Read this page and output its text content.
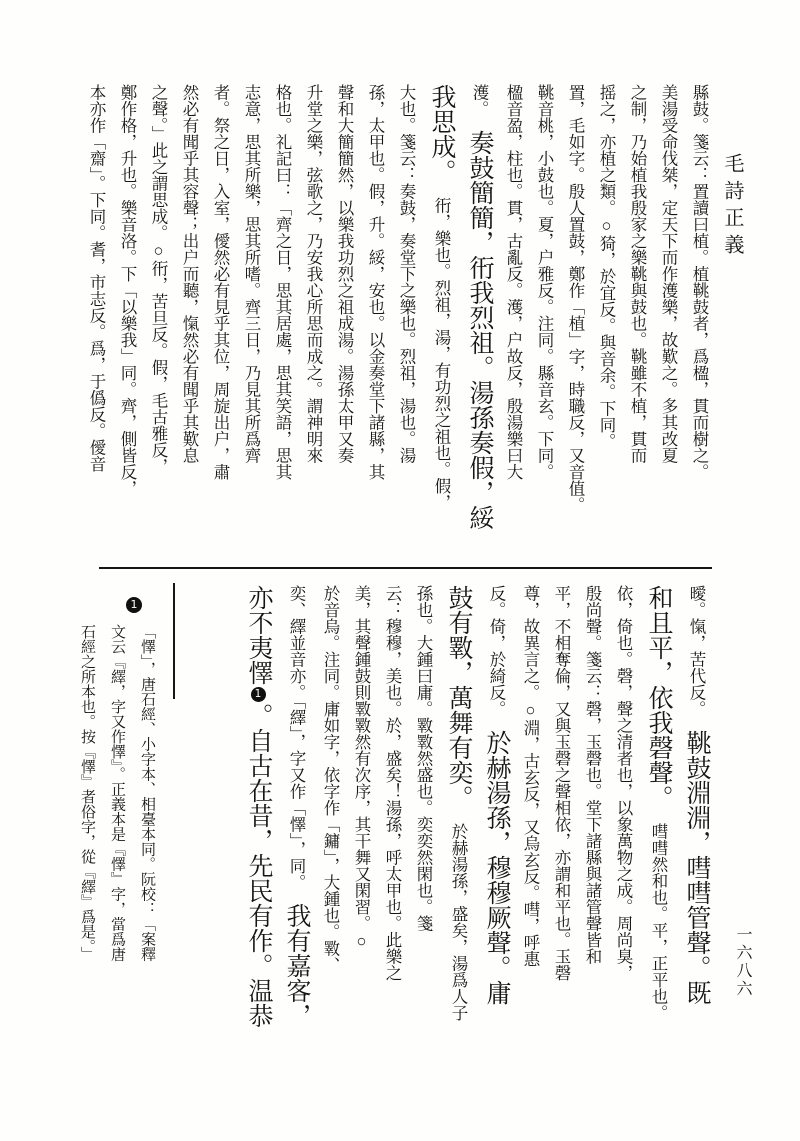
毛詩正義
一六八六

縣鼓。箋云：置讀曰植。植鞉鼓者，爲楹，貫而樹之。

美湯受命伐桀，定天下而作濩樂，故歎之。多其改夏

之制，乃始植我殷家之樂鞉與鼓也。鞉雖不植，貫而

摇之，亦植之類。○猗，於宜反。與音余。下同。

置，毛如字。殷人置鼓，鄭作「植」字，時職反，又音值。

鞉音桃，小鼓也。夏，户雅反。注同。縣音玄。下同。

楹音盈，柱也。貫，古亂反。濩，户故反，殷湯樂曰大

濩。奏鼓簡簡，衎我烈祖。湯孫奏假，綏

我思成。衎，樂也。烈祖，湯，有功烈之祖也。假，

大也。箋云：奏鼓，奏堂下之樂也。烈祖，湯也。湯

孫，太甲也。假，升。綏，安也。以金奏堂下諸縣，其

聲和大簡簡然，以樂我功烈之祖成湯。湯孫太甲又奏

升堂之樂，弦歌之，乃安我心所思而成之。謂神明來

格也。礼記曰：「齊之日，思其居處，思其笑語，思其

志意，思其所樂，思其所嗜。齊三日，乃見其所爲齊

者。祭之日，入室，僾然必有見乎其位，周旋出户，肅

然必有聞乎其容聲；出户而聽，愾然必有聞乎其歎息

之聲。」此之謂思成。○衎，苦旦反。假，毛古雅反，

鄭作格，升也。樂音洛。下「以樂我」同。齊，側皆反，

本亦作「齋」。下同。耆，市志反。爲，于僞反。僾音

曖。愾，苦代反。鞉鼓淵淵，嘒嘒管聲。既

和且平，依我磬聲。嘒嘒然和也。平，正平也。

依，倚也。磬，聲之清者也，以象萬物之成。周尚臭，

殷尚聲。箋云：磬，玉磬也。堂下諸縣與諸管聲皆和

平，不相奪倫，又與玉磬之聲相依，亦謂和平也。玉磬

尊，故異言之。○淵，古玄反，又烏玄反。嘒，呼惠

反。倚，於綺反。於赫湯孫，穆穆厥聲。庸

鼓有斁，萬舞有奕。於赫湯孫，盛矣，湯爲人子

孫也。大鍾曰庸。斁斁然盛也。奕奕然閑也。箋

云：穆穆，美也。於，盛矣！湯孫，呼太甲也。此樂之

美，其聲鍾鼓則斁斁然有次序，其干舞又閑習。○

於音烏。注同。庸如字，依字作「鏞」，大鍾也。斁、

奕、繹並音亦。「繹」，字又作「懌」，同。我有嘉客，

亦不夷懌1。自古在昔，先民有作。温恭

1

「懌」，唐石經、小字本、相臺本同。阮校：「案釋

文云『繹，字又作懌』。正義本是『懌』字，當爲唐

石經之所本也。按『懌』者俗字，從『繹』爲是。」
